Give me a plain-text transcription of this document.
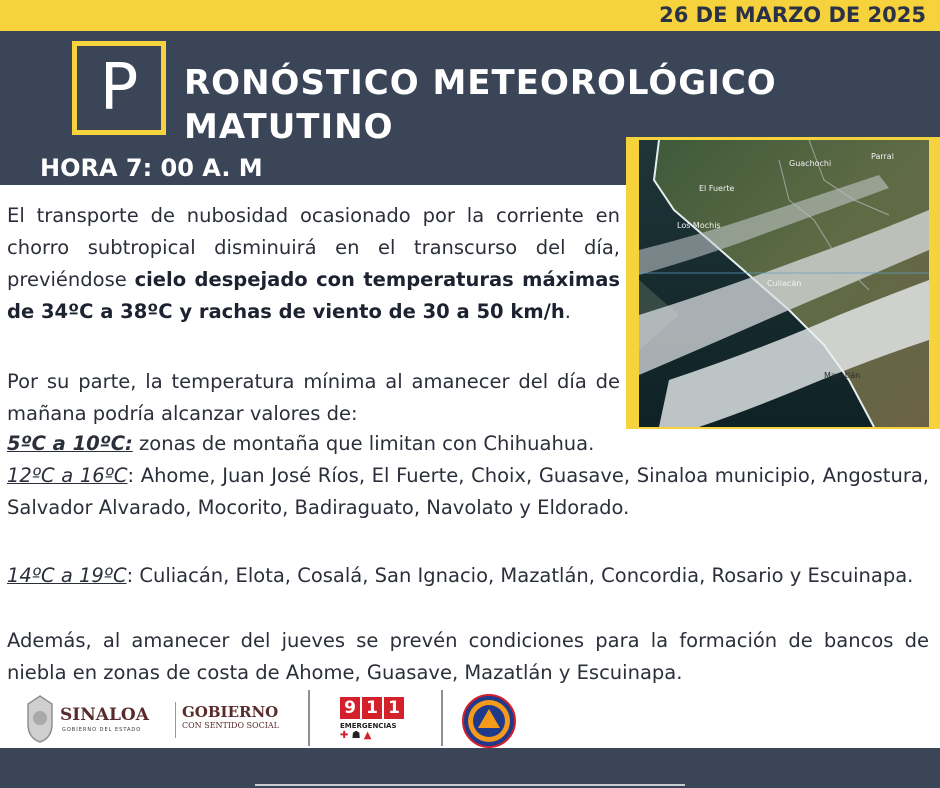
26 DE MARZO DE 2025
P RONÓSTICO METEOROLÓGICO
MATUTINO
HORA 7: 00 A. M	Guachochi
Parral
El Fuerte
Los Mochis
Culiacán
Mazatlán
El transporte de nubosidad ocasionado por la corriente en chorro subtropical disminuirá en el transcurso del día, previéndose cielo despejado con temperaturas máximas de 34ºC a 38ºC y rachas de viento de 30 a 50 km/h.
Por su parte, la temperatura mínima al amanecer del día de mañana podría alcanzar valores de:
5ºC a 10ºC: zonas de montaña que limitan con Chihuahua.
12ºC a 16ºC: Ahome, Juan José Ríos, El Fuerte, Choix, Guasave, Sinaloa municipio, Angostura, Salvador Alvarado, Mocorito, Badiraguato, Navolato y Eldorado.
14ºC a 19ºC: Culiacán, Elota, Cosalá, San Ignacio, Mazatlán, Concordia, Rosario y Escuinapa.
Además, al amanecer del jueves se prevén condiciones para la formación de bancos de niebla en zonas de costa de Ahome, Guasave, Mazatlán y Escuinapa.
SINALOA
GOBIERNO DEL ESTADO
GOBIERNO
CON SENTIDO SOCIAL
9 1 1
EMERGENCIAS
✚ ☗ ▲
